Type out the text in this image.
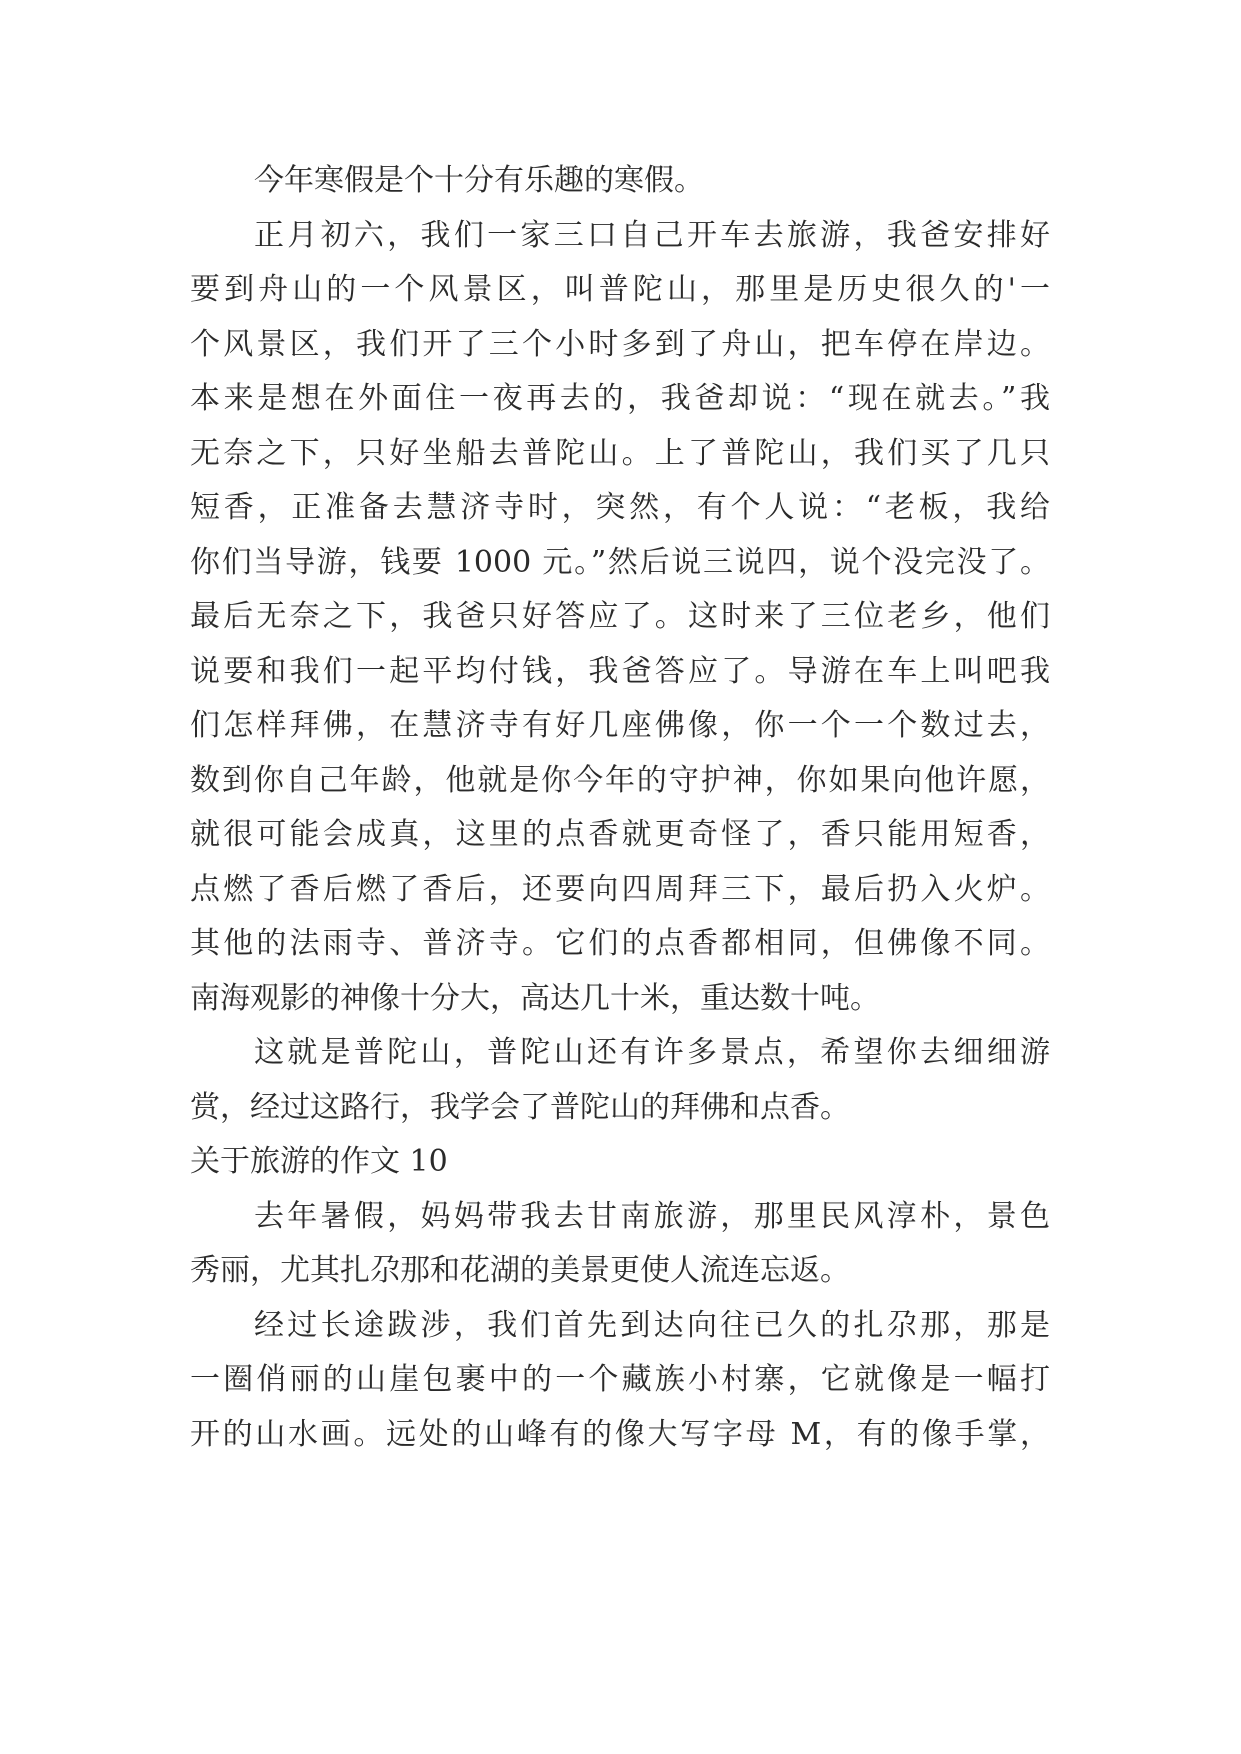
今年寒假是个十分有乐趣的寒假。
正月初六，我们一家三口自己开车去旅游，我爸安排好
要到舟山的一个风景区，叫普陀山，那里是历史很久的'一
个风景区，我们开了三个小时多到了舟山，把车停在岸边。
本来是想在外面住一夜再去的，我爸却说：“现在就去。”我
无奈之下，只好坐船去普陀山。上了普陀山，我们买了几只
短香，正准备去慧济寺时，突然，有个人说：“老板，我给
你们当导游，钱要 1000 元。”然后说三说四，说个没完没了。
最后无奈之下，我爸只好答应了。这时来了三位老乡，他们
说要和我们一起平均付钱，我爸答应了。导游在车上叫吧我
们怎样拜佛，在慧济寺有好几座佛像，你一个一个数过去，
数到你自己年龄，他就是你今年的守护神，你如果向他许愿，
就很可能会成真，这里的点香就更奇怪了，香只能用短香，
点燃了香后燃了香后，还要向四周拜三下，最后扔入火炉。
其他的法雨寺、普济寺。它们的点香都相同，但佛像不同。
南海观影的神像十分大，高达几十米，重达数十吨。
这就是普陀山，普陀山还有许多景点，希望你去细细游
赏，经过这路行，我学会了普陀山的拜佛和点香。
关于旅游的作文 10
去年暑假，妈妈带我去甘南旅游，那里民风淳朴，景色
秀丽，尤其扎尕那和花湖的美景更使人流连忘返。
经过长途跋涉，我们首先到达向往已久的扎尕那，那是
一圈俏丽的山崖包裹中的一个藏族小村寨，它就像是一幅打
开的山水画。远处的山峰有的像大写字母 M，有的像手掌，
